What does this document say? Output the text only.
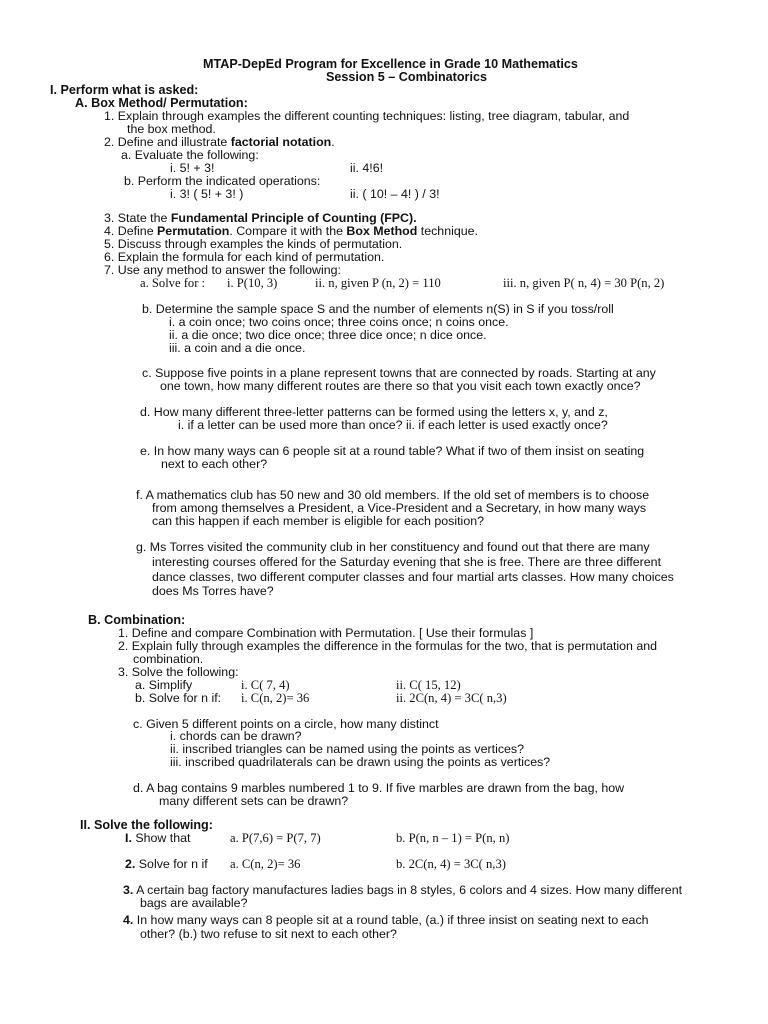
MTAP-DepEd Program for Excellence in Grade 10 Mathematics
Session 5 – Combinatorics
I. Perform what is asked:
A. Box Method/ Permutation:
1. Explain through examples the different counting techniques: listing, tree diagram, tabular, and
the box method.
2. Define and illustrate factorial notation.
a. Evaluate the following:
i. 5! + 3!	ii. 4!6!
b. Perform the indicated operations:
i. 3! ( 5! + 3! )	ii. ( 10! – 4! ) / 3!
3. State the Fundamental Principle of Counting (FPC).
4. Define Permutation. Compare it with the Box Method technique.
5. Discuss through examples the kinds of permutation.
6. Explain the formula for each kind of permutation.
7. Use any method to answer the following:
a. Solve for : i. P(10, 3)	ii. n, given P (n, 2) = 110	iii. n, given P( n, 4) = 30 P(n, 2)
b. Determine the sample space S and the number of elements n(S) in S if you toss/roll
i. a coin once; two coins once; three coins once; n coins once.
ii. a die once; two dice once; three dice once; n dice once.
iii. a coin and a die once.
c. Suppose five points in a plane represent towns that are connected by roads. Starting at any
one town, how many different routes are there so that you visit each town exactly once?
d. How many different three-letter patterns can be formed using the letters x, y, and z,
i. if a letter can be used more than once? ii. if each letter is used exactly once?
e. In how many ways can 6 people sit at a round table? What if two of them insist on seating
next to each other?
f. A mathematics club has 50 new and 30 old members. If the old set of members is to choose
from among themselves a President, a Vice-President and a Secretary, in how many ways
can this happen if each member is eligible for each position?
g. Ms Torres visited the community club in her constituency and found out that there are many
interesting courses offered for the Saturday evening that she is free. There are three different
dance classes, two different computer classes and four martial arts classes. How many choices
does Ms Torres have?
B. Combination:
1. Define and compare Combination with Permutation. [ Use their formulas ]
2. Explain fully through examples the difference in the formulas for the two, that is permutation and
combination.
3. Solve the following:
a. Simplify	i. C( 7, 4)	ii. C( 15, 12)
b. Solve for n if: i. C(n, 2)= 36	ii. 2C(n, 4) = 3C( n,3)
c. Given 5 different points on a circle, how many distinct
i. chords can be drawn?
ii. inscribed triangles can be named using the points as vertices?
iii. inscribed quadrilaterals can be drawn using the points as vertices?
d. A bag contains 9 marbles numbered 1 to 9. If five marbles are drawn from the bag, how
many different sets can be drawn?
II. Solve the following:
I. Show that	a. P(7,6) = P(7, 7)	b. P(n, n – 1) = P(n, n)
2. Solve for n if a. C(n, 2)= 36	b. 2C(n, 4) = 3C( n,3)
3. A certain bag factory manufactures ladies bags in 8 styles, 6 colors and 4 sizes. How many different
bags are available?
4. In how many ways can 8 people sit at a round table, (a.) if three insist on seating next to each
other? (b.) two refuse to sit next to each other?
